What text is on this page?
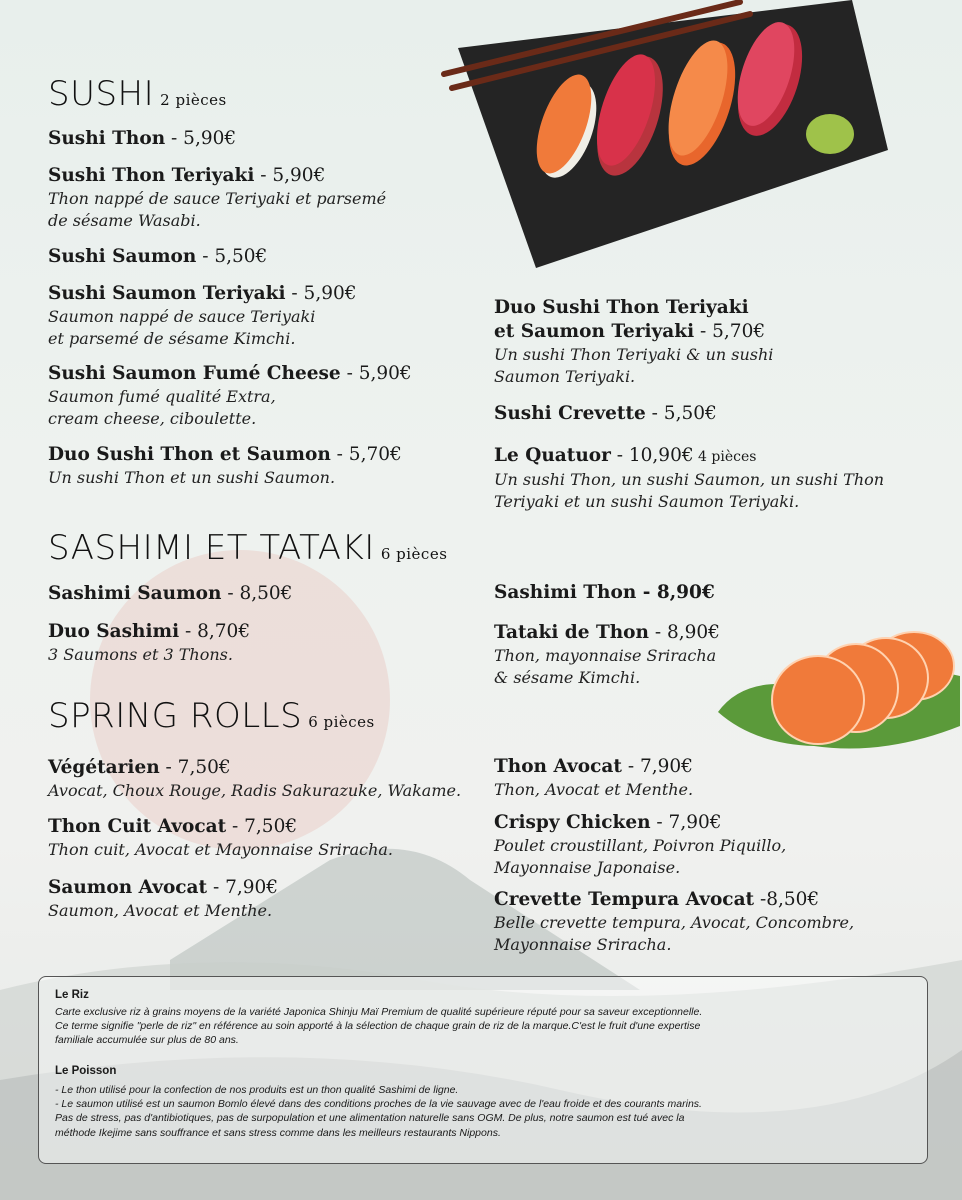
SUSHI 2 pièces
Sushi Thon - 5,90€
Sushi Thon Teriyaki - 5,90€
Thon nappé de sauce Teriyaki et parsemé
de sésame Wasabi.
Sushi Saumon - 5,50€
Sushi Saumon Teriyaki - 5,90€
Saumon nappé de sauce Teriyaki
et parsemé de sésame Kimchi.
Sushi Saumon Fumé Cheese - 5,90€
Saumon fumé qualité Extra,
cream cheese, ciboulette.
Duo Sushi Thon et Saumon - 5,70€
Un sushi Thon et un sushi Saumon.
Duo Sushi Thon Teriyaki
et Saumon Teriyaki - 5,70€
Un sushi Thon Teriyaki & un sushi
Saumon Teriyaki.
Sushi Crevette - 5,50€
Le Quatuor - 10,90€ 4 pièces
Un sushi Thon, un sushi Saumon, un sushi Thon
Teriyaki et un sushi Saumon Teriyaki.
SASHIMI ET TATAKI 6 pièces
Sashimi Saumon - 8,50€
Duo Sashimi - 8,70€
3 Saumons et 3 Thons.
Sashimi Thon - 8,90€
Tataki de Thon - 8,90€
Thon, mayonnaise Sriracha
& sésame Kimchi.
SPRING ROLLS 6 pièces
Végétarien - 7,50€
Avocat, Choux Rouge, Radis Sakurazuke, Wakame.
Thon Cuit Avocat - 7,50€
Thon cuit, Avocat et Mayonnaise Sriracha.
Saumon Avocat - 7,90€
Saumon, Avocat et Menthe.
Thon Avocat - 7,90€
Thon, Avocat et Menthe.
Crispy Chicken - 7,90€
Poulet croustillant, Poivron Piquillo,
Mayonnaise Japonaise.
Crevette Tempura Avocat -8,50€
Belle crevette tempura, Avocat, Concombre,
Mayonnaise Sriracha.
Le Riz
Carte exclusive riz à grains moyens de la variété Japonica Shinju Maï Premium de qualité supérieure réputé pour sa saveur exceptionnelle.
Ce terme signifie "perle de riz" en référence au soin apporté à la sélection de chaque grain de riz de la marque.C'est le fruit d'une expertise
familiale accumulée sur plus de 80 ans.
Le Poisson
- Le thon utilisé pour la confection de nos produits est un thon qualité Sashimi de ligne.
- Le saumon utilisé est un saumon Bomlo élevé dans des conditions proches de la vie sauvage avec de l'eau froide et des courants marins.
Pas de stress, pas d'antibiotiques, pas de surpopulation et une alimentation naturelle sans OGM. De plus, notre saumon est tué avec la
méthode Ikejime sans souffrance et sans stress comme dans les meilleurs restaurants Nippons.
